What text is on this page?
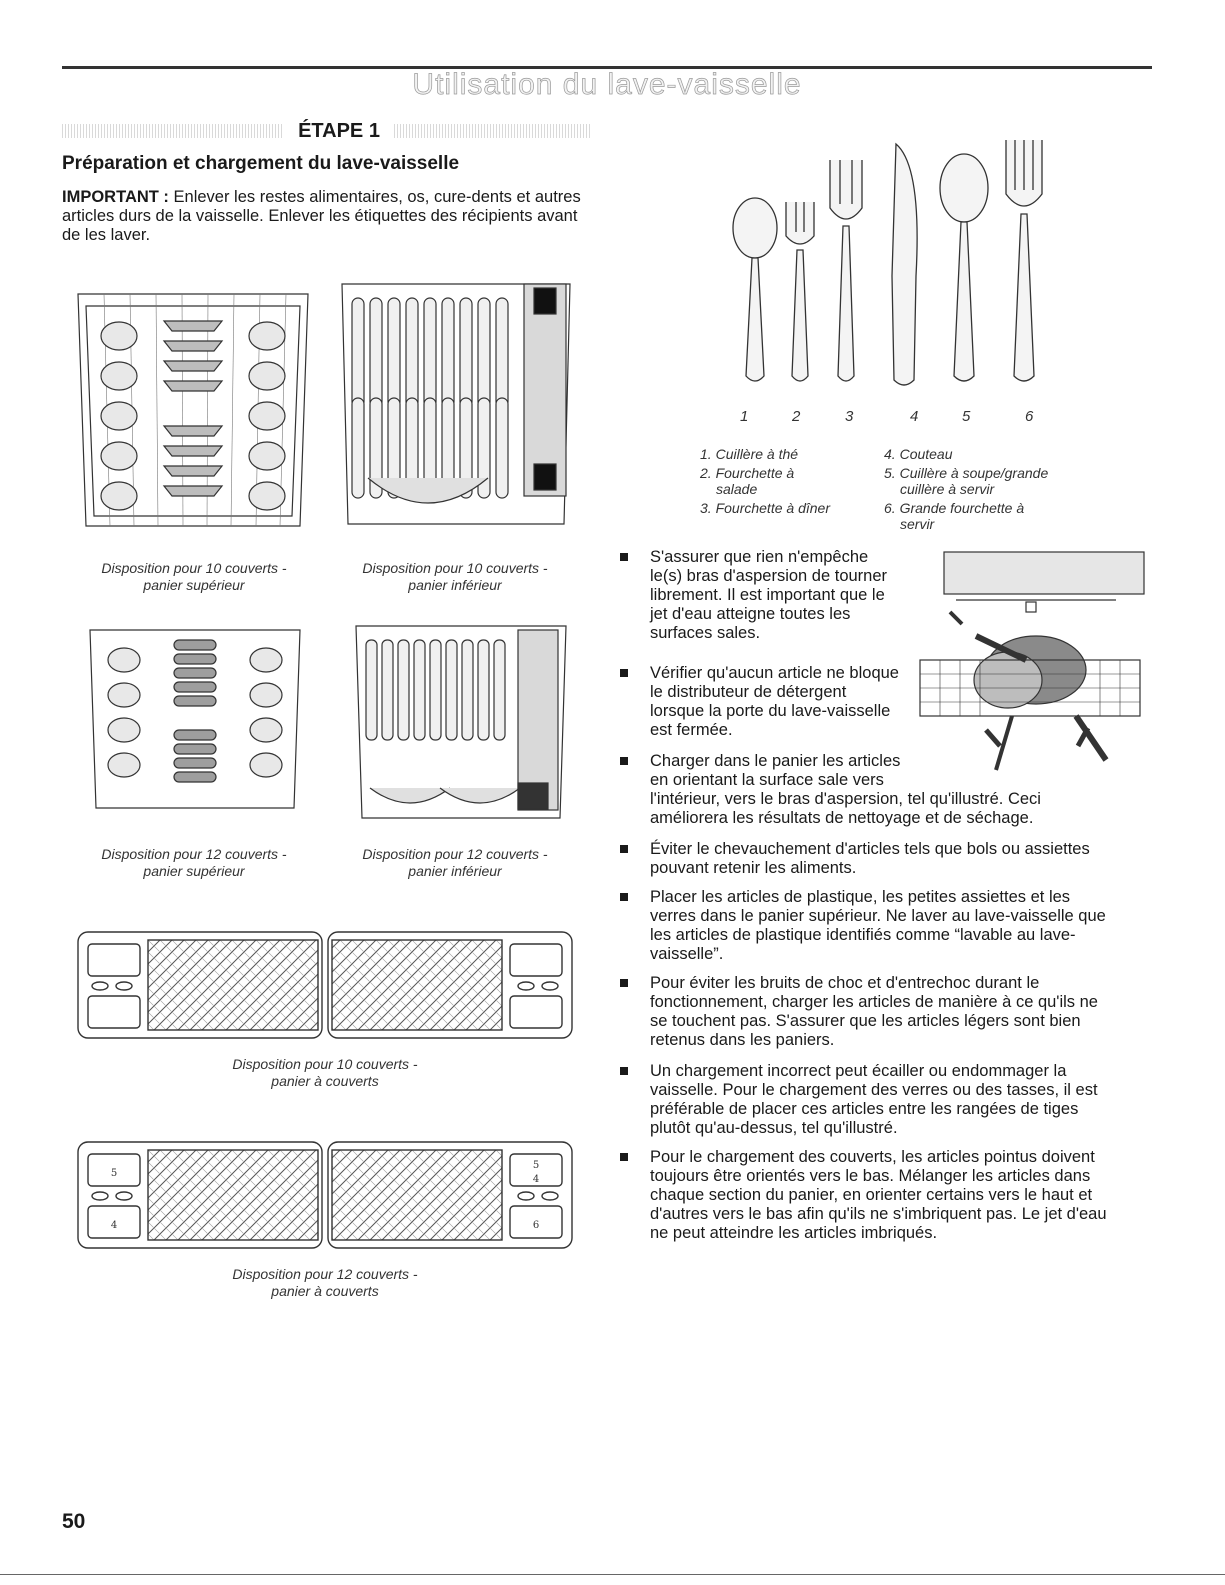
Utilisation du lave-vaisselle
ÉTAPE 1
Préparation et chargement du lave-vaisselle
IMPORTANT : Enlever les restes alimentaires, os, cure-dents et autres articles durs de la vaisselle. Enlever les étiquettes des récipients avant de les laver.
Disposition pour 10 couverts -
panier supérieur
Disposition pour 10 couverts -
panier inférieur
Disposition pour 12 couverts -
panier supérieur
Disposition pour 12 couverts -
panier inférieur
Disposition pour 10 couverts -
panier à couverts
5
4
5
4
6
Disposition pour 12 couverts -
panier à couverts
1	2	3	4	5	6
1. Cuillère à thé
2. Fourchette à
salade
3. Fourchette à dîner
4. Couteau
5. Cuillère à soupe/grande
cuillère à servir
6. Grande fourchette à
servir
S'assurer que rien n'empêche
le(s) bras d'aspersion de tourner
librement. Il est important que le
jet d'eau atteigne toutes les
surfaces sales.
Vérifier qu'aucun article ne bloque
le distributeur de détergent
lorsque la porte du lave-vaisselle
est fermée.
Charger dans le panier les articles
en orientant la surface sale vers
l'intérieur, vers le bras d'aspersion, tel qu'illustré. Ceci
améliorera les résultats de nettoyage et de séchage.
Éviter le chevauchement d'articles tels que bols ou assiettes
pouvant retenir les aliments.
Placer les articles de plastique, les petites assiettes et les
verres dans le panier supérieur. Ne laver au lave-vaisselle que
les articles de plastique identifiés comme “lavable au lave-
vaisselle”.
Pour éviter les bruits de choc et d'entrechoc durant le
fonctionnement, charger les articles de manière à ce qu'ils ne
se touchent pas. S'assurer que les articles légers sont bien
retenus dans les paniers.
Un chargement incorrect peut écailler ou endommager la
vaisselle. Pour le chargement des verres ou des tasses, il est
préférable de placer ces articles entre les rangées de tiges
plutôt qu'au-dessus, tel qu'illustré.
Pour le chargement des couverts, les articles pointus doivent
toujours être orientés vers le bas. Mélanger les articles dans
chaque section du panier, en orienter certains vers le haut et
d'autres vers le bas afin qu'ils ne s'imbriquent pas. Le jet d'eau
ne peut atteindre les articles imbriqués.
50
